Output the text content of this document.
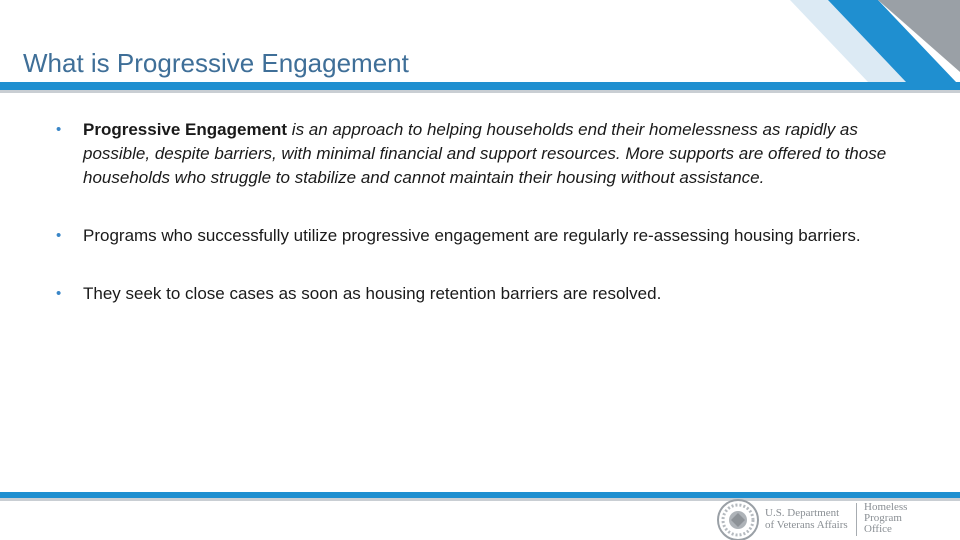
What is Progressive Engagement
• Progressive Engagement is an approach to helping households end their homelessness as rapidly as possible, despite barriers, with minimal financial and support resources. More supports are offered to those households who struggle to stabilize and cannot maintain their housing without assistance.
• Programs who successfully utilize progressive engagement are regularly re-assessing housing barriers.
• They seek to close cases as soon as housing retention barriers are resolved.
U.S. Department
of Veterans Affairs
Homeless
Program
Office
